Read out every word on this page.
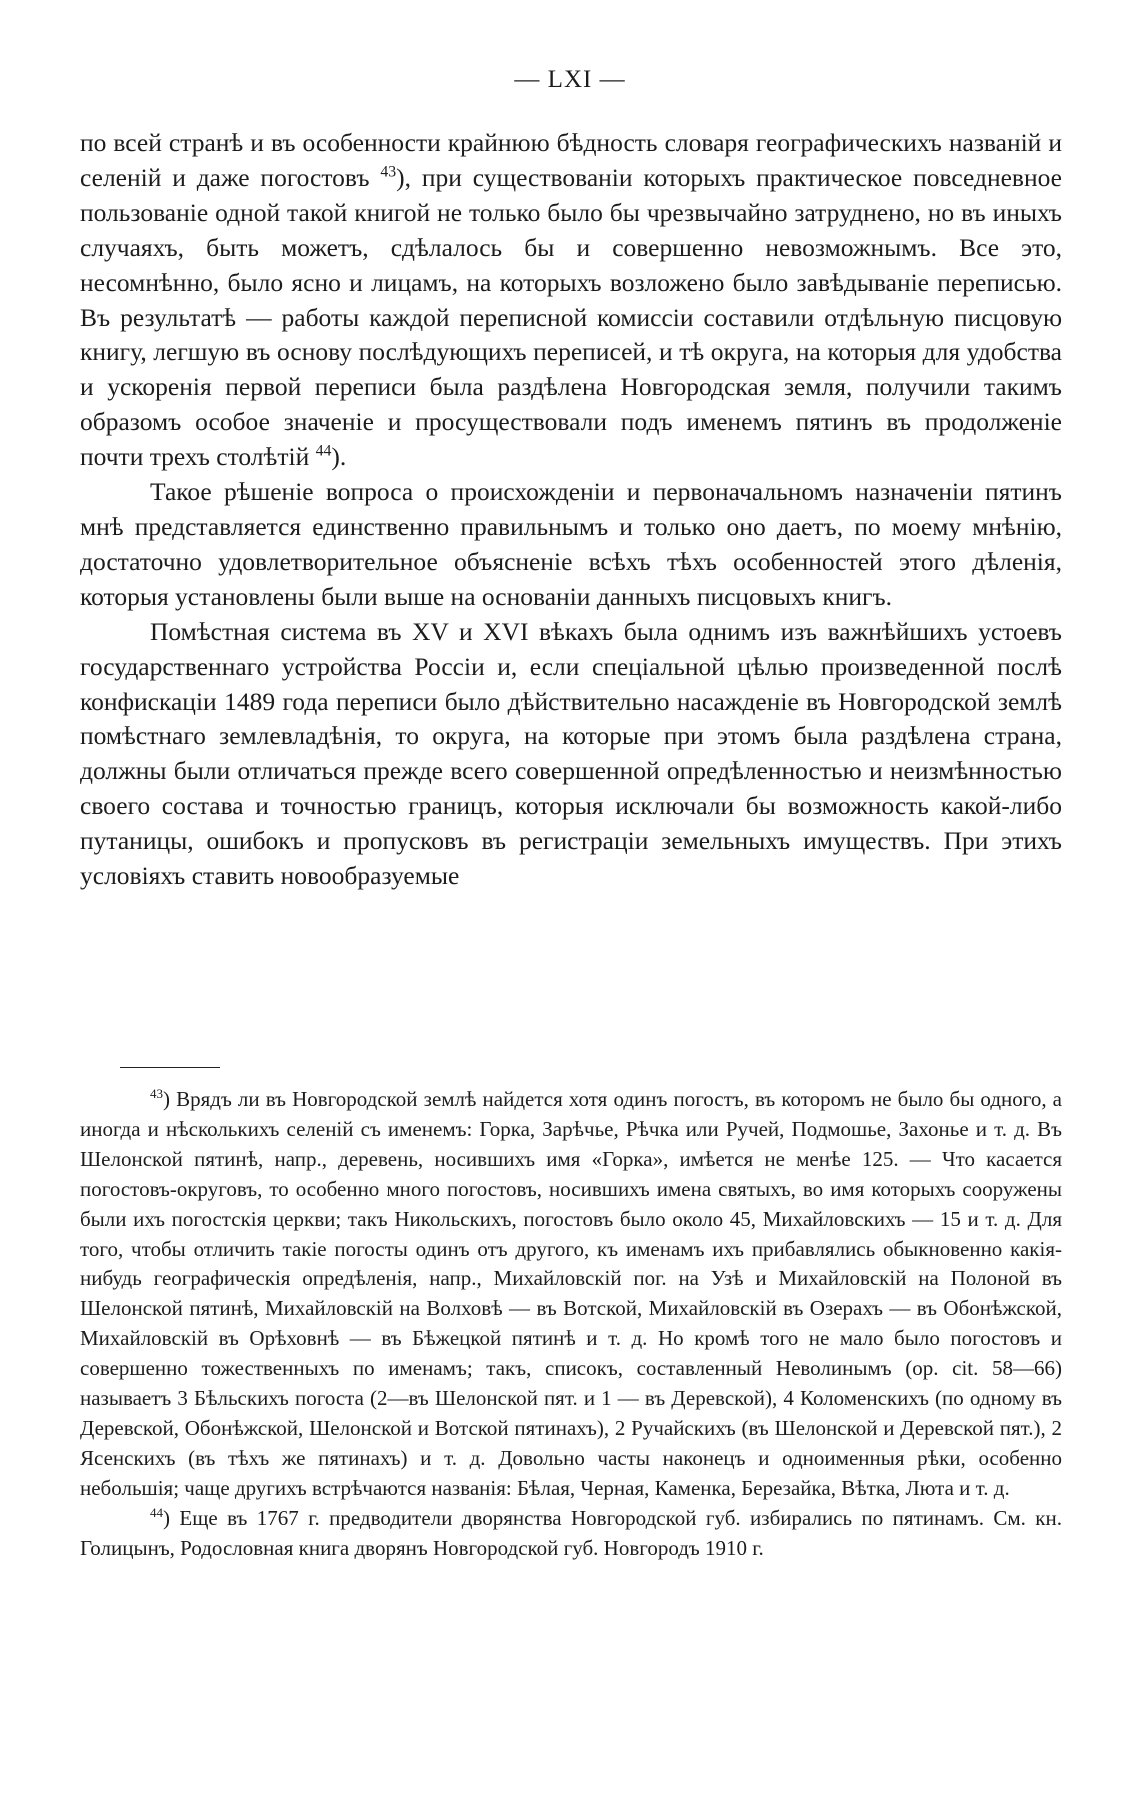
— LXI —

по всей странѣ и въ особенности крайнюю бѣдность словаря географическихъ названій и селеній и даже погостовъ $^{43}$), при существованіи которыхъ практическое повседневное пользованіе одной такой книгой не только было бы чрезвычайно затруднено, но въ иныхъ случаяхъ, быть можетъ, сдѣлалось бы и совершенно невозможнымъ. Все это, несомнѣнно, было ясно и лицамъ, на которыхъ возложено было завѣдываніе переписью. Въ результатѣ — работы каждой переписной комиссіи составили отдѣльную писцовую книгу, легшую въ основу послѣдующихъ переписей, и тѣ округа, на которыя для удобства и ускоренія первой переписи была раздѣлена Новгородская земля, получили такимъ образомъ особое значеніе и просуществовали подъ именемъ пятинъ въ продолженіе почти трехъ столѣтій $^{44}$).

Такое рѣшеніе вопроса о происхожденіи и первоначальномъ назначеніи пятинъ мнѣ представляется единственно правильнымъ и только оно даетъ, по моему мнѣнію, достаточно удовлетворительное объясненіе всѣхъ тѣхъ особенностей этого дѣленія, которыя установлены были выше на основаніи данныхъ писцовыхъ книгъ.

Помѣстная система въ XV и XVI вѣкахъ была однимъ изъ важнѣйшихъ устоевъ государственнаго устройства Россіи и, если спеціальной цѣлью произведенной послѣ конфискаціи 1489 года переписи было дѣйствительно насажденіе въ Новгородской землѣ помѣстнаго землевладѣнія, то округа, на которые при этомъ была раздѣлена страна, должны были отличаться прежде всего совершенной опредѣленностью и неизмѣнностью своего состава и точностью границъ, которыя исключали бы возможность какой-либо путаницы, ошибокъ и пропусковъ въ регистраціи земельныхъ имуществъ. При этихъ условіяхъ ставить новообразуемые

$^{43}$) Врядъ ли въ Новгородской землѣ найдется хотя одинъ погостъ, въ которомъ не было бы одного, а иногда и нѣсколькихъ селеній съ именемъ: Горка, Зарѣчье, Рѣчка или Ручей, Подмошье, Захонье и т. д. Въ Шелонской пятинѣ, напр., деревень, носившихъ имя «Горка», имѣется не менѣе 125. — Что касается погостовъ-округовъ, то особенно много погостовъ, носившихъ имена святыхъ, во имя которыхъ сооружены были ихъ погостскія церкви; такъ Никольскихъ, погостовъ было около 45, Михайловскихъ — 15 и т. д. Для того, чтобы отличить такіе погосты одинъ отъ другого, къ именамъ ихъ прибавлялись обыкновенно какія-нибудь географическія опредѣленія, напр., Михайловскій пог. на Узѣ и Михайловскій на Полоной въ Шелонской пятинѣ, Михайловскій на Волховѣ — въ Вотской, Михайловскій въ Озерахъ — въ Обонѣжской, Михайловскій въ Орѣховнѣ — въ Бѣжецкой пятинѣ и т. д. Но кромѣ того не мало было погостовъ и совершенно тожественныхъ по именамъ; такъ, списокъ, составленный Неволинымъ (op. cit. 58—66) называетъ 3 Бѣльскихъ погоста (2—въ Шелонской пят. и 1 — въ Деревской), 4 Коломенскихъ (по одному въ Деревской, Обонѣжской, Шелонской и Вотской пятинахъ), 2 Ручайскихъ (въ Шелонской и Деревской пят.), 2 Ясенскихъ (въ тѣхъ же пятинахъ) и т. д. Довольно часты наконецъ и одноименныя рѣки, особенно небольшія; чаще другихъ встрѣчаются названія: Бѣлая, Черная, Каменка, Березайка, Вѣтка, Люта и т. д.

$^{44}$) Еще въ 1767 г. предводители дворянства Новгородской губ. избирались по пятинамъ. См. кн. Голицынъ, Родословная книга дворянъ Новгородской губ. Новгородъ 1910 г.
